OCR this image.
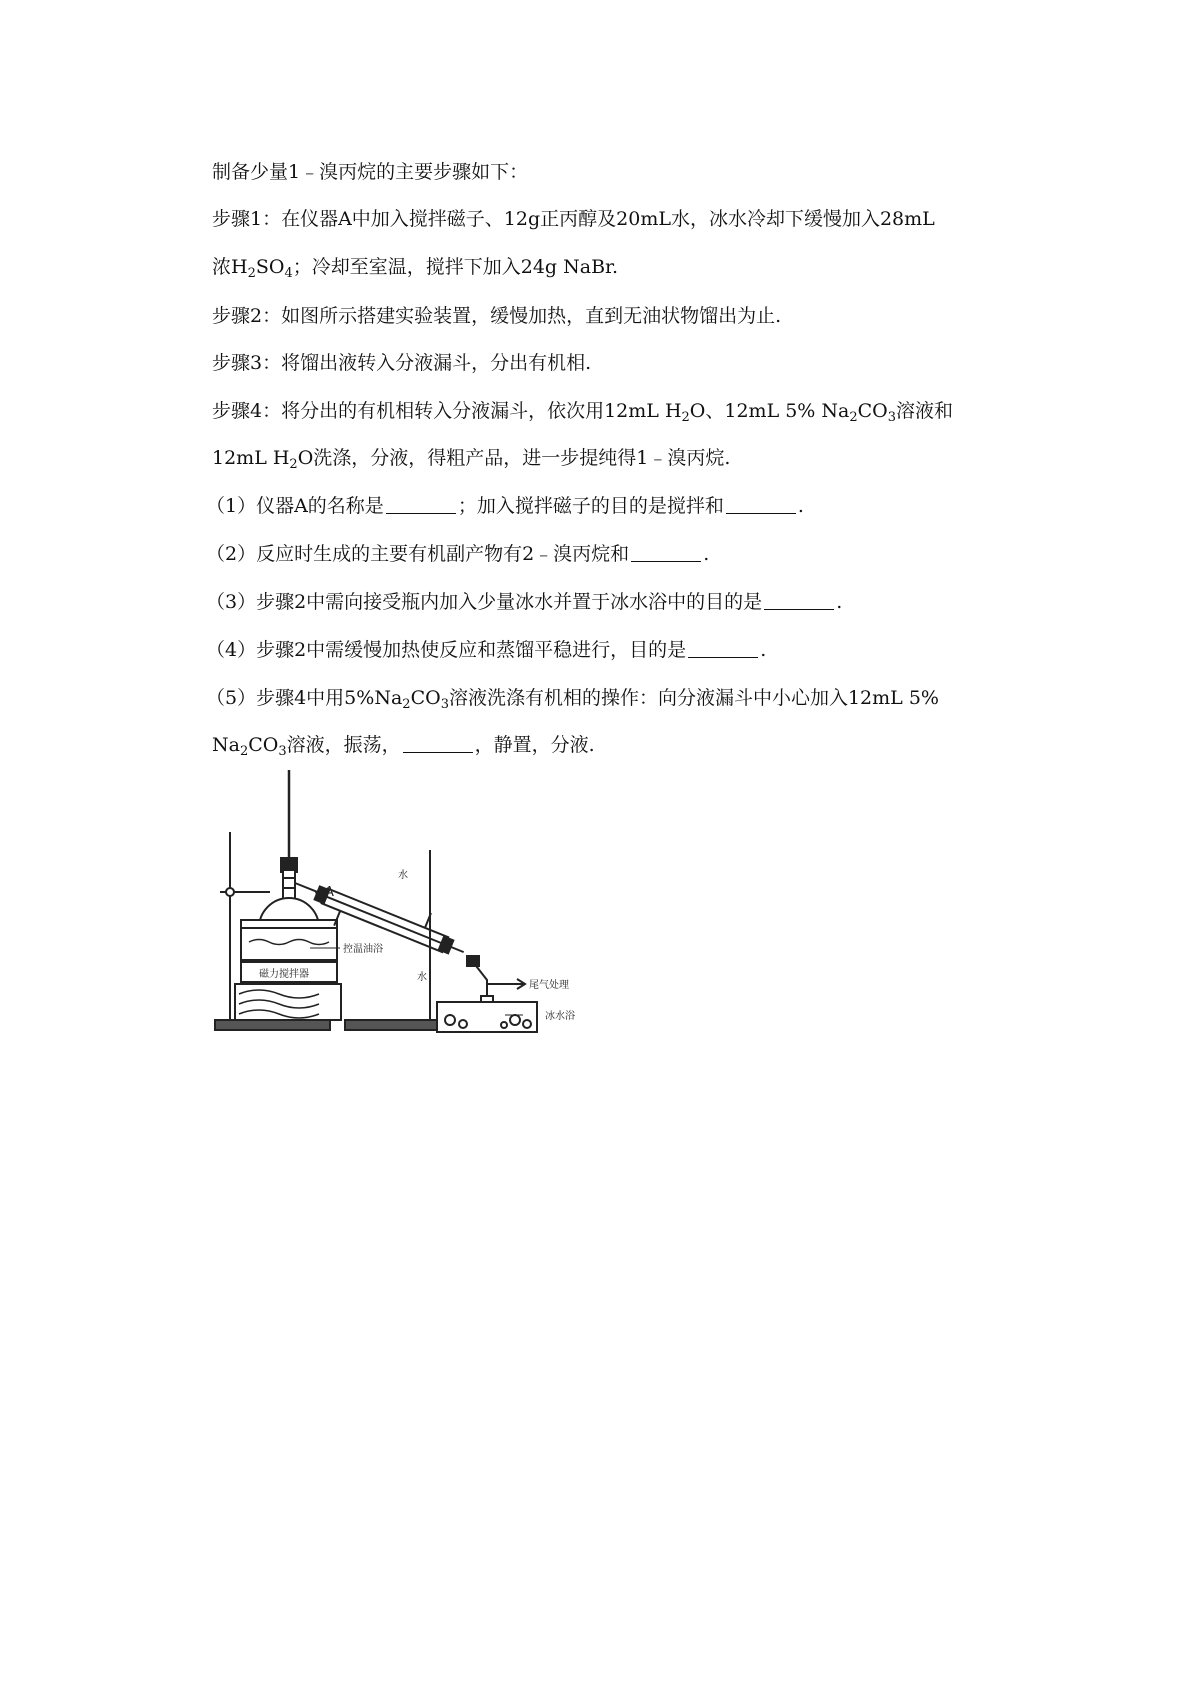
制备少量1﹣溴丙烷的主要步骤如下：
步骤1：在仪器A中加入搅拌磁子、12g正丙醇及20mL水，冰水冷却下缓慢加入28mL
浓$H_2SO_4$；冷却至室温，搅拌下加入24g NaBr.
步骤2：如图所示搭建实验装置，缓慢加热，直到无油状物馏出为止.
步骤3：将馏出液转入分液漏斗，分出有机相.
步骤4：将分出的有机相转入分液漏斗，依次用12mL $H_2O$、12mL 5% $Na_2CO_3$溶液和
12mL $H_2O$洗涤，分液，得粗产品，进一步提纯得1﹣溴丙烷.
（1）仪器A的名称是	；加入搅拌磁子的目的是搅拌和	.
（2）反应时生成的主要有机副产物有2﹣溴丙烷和	.
（3）步骤2中需向接受瓶内加入少量冰水并置于冰水浴中的目的是	.
（4）步骤2中需缓慢加热使反应和蒸馏平稳进行，目的是	.
（5）步骤4中用$5\%Na_2CO_3$溶液洗涤有机相的操作：向分液漏斗中小心加入12mL 5%
$Na_2CO_3$溶液，振荡，	，静置，分液.
A
水
水
控温油浴
磁力搅拌器
尾气处理
冰水浴
